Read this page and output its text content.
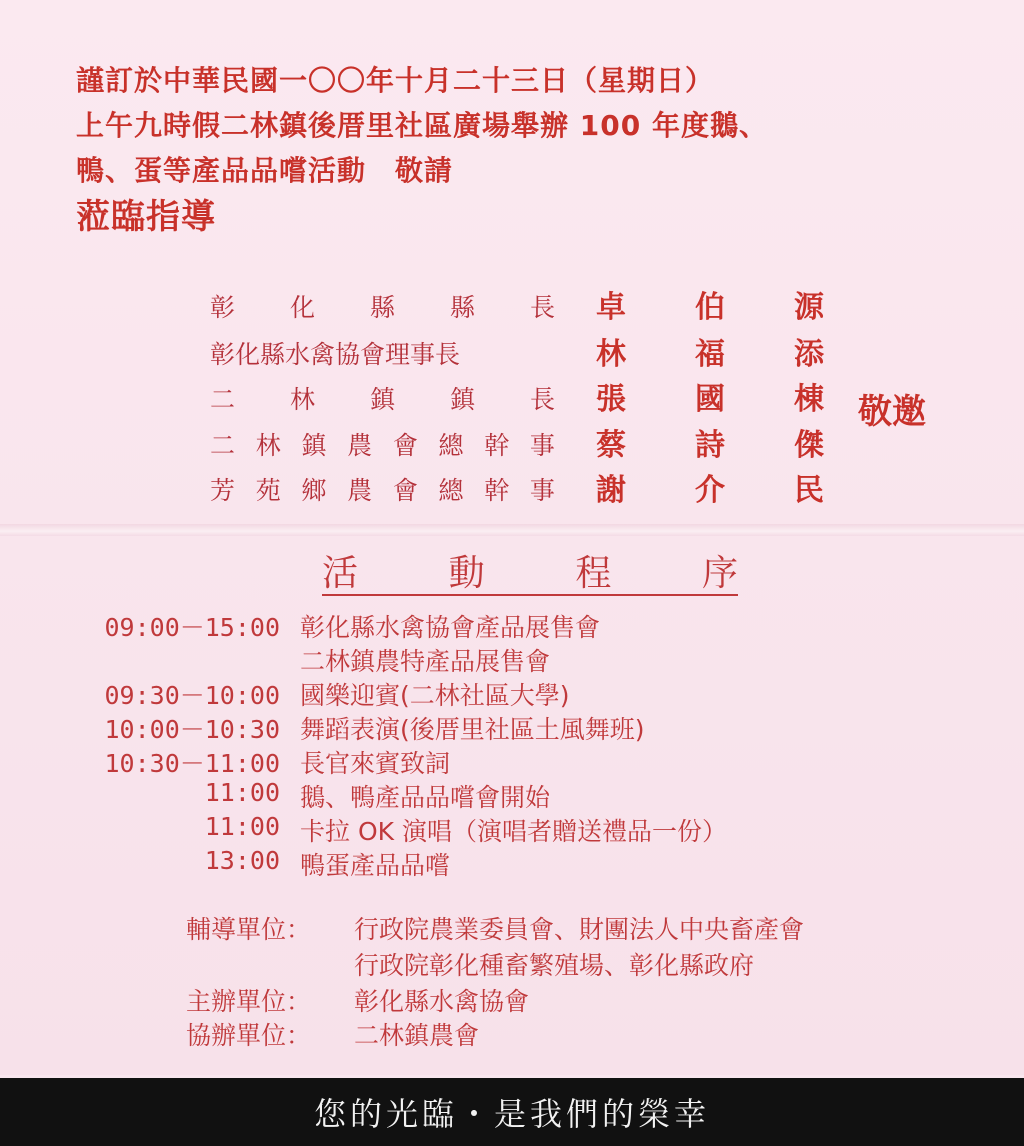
謹訂於中華民國一〇〇年十月二十三日（星期日）
上午九時假二林鎮後厝里社區廣場舉辦 100 年度鵝、
鴨、蛋等產品品嚐活動　敬請
蒞臨指導
彰 化 縣 縣 長 卓 伯 源
彰化縣水禽協會理事長	林 福 添
二 林 鎮 鎮 長 張 國 棟
二 林 鎮 農 會 總 幹 事 蔡 詩 傑
芳 苑 鄉 農 會 總 幹 事 謝 介 民
敬邀
活	動	程	序
09:00－15:00 彰化縣水禽協會產品展售會
二林鎮農特產品展售會
09:30－10:00 國樂迎賓(二林社區大學)
10:00－10:30 舞蹈表演(後厝里社區土風舞班)
10:30－11:00 長官來賓致詞
11:00 鵝、鴨產品品嚐會開始
11:00 卡拉 OK 演唱（演唱者贈送禮品一份）
13:00 鴨蛋產品品嚐
輔導單位： 行政院農業委員會、財團法人中央畜產會
行政院彰化種畜繁殖場、彰化縣政府
主辦單位： 彰化縣水禽協會
協辦單位： 二林鎮農會
您的光臨・是我們的榮幸
